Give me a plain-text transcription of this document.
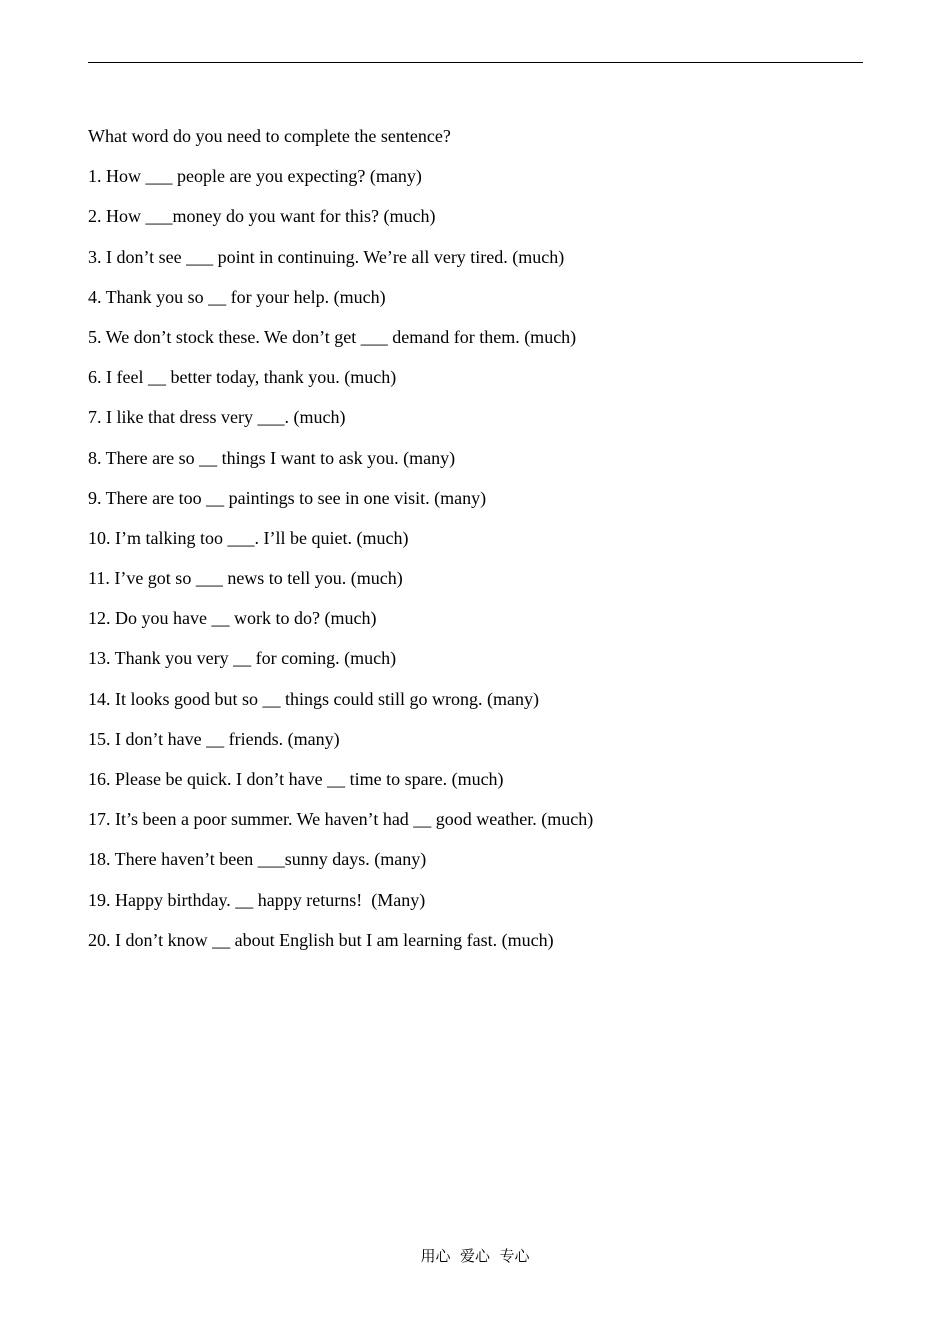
What word do you need to complete the sentence?
1. How ___ people are you expecting? (many)
2. How ___money do you want for this? (much)
3. I don’t see ___ point in continuing. We’re all very tired. (much)
4. Thank you so __ for your help. (much)
5. We don’t stock these. We don’t get ___ demand for them. (much)
6. I feel __ better today, thank you. (much)
7. I like that dress very ___. (much)
8. There are so __ things I want to ask you. (many)
9. There are too __ paintings to see in one visit. (many)
10. I’m talking too ___. I’ll be quiet. (much)
11. I’ve got so ___ news to tell you. (much)
12. Do you have __ work to do? (much)
13. Thank you very __ for coming. (much)
14. It looks good but so __ things could still go wrong. (many)
15. I don’t have __ friends. (many)
16. Please be quick. I don’t have __ time to spare. (much)
17. It’s been a poor summer. We haven’t had __ good weather. (much)
18. There haven’t been ___sunny days. (many)
19. Happy birthday. __ happy returns!  (Many)
20. I don’t know __ about English but I am learning fast. (much)
用心  爱心  专心
